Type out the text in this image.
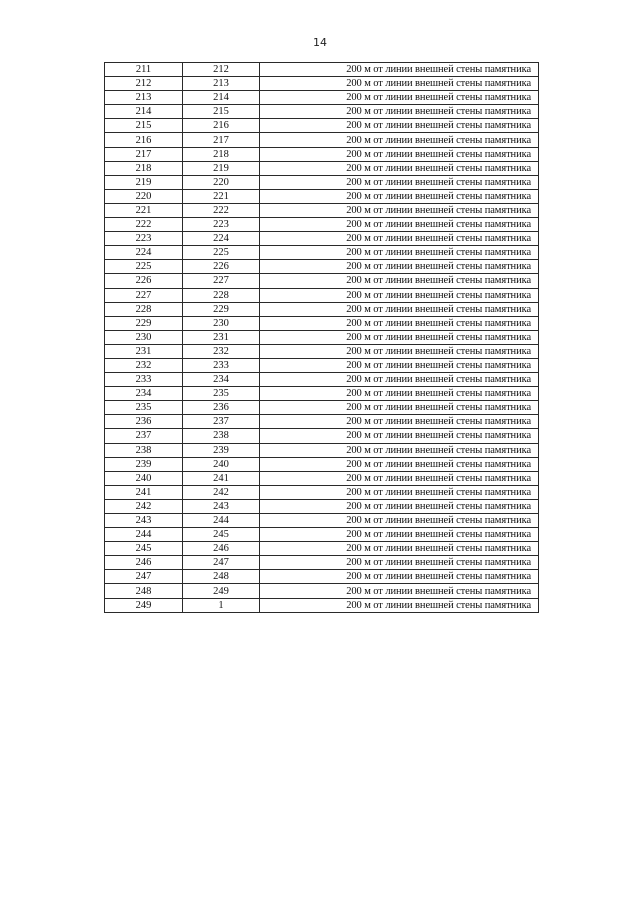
14
211	212	200 м от линии внешней стены памятника
212	213	200 м от линии внешней стены памятника
213	214	200 м от линии внешней стены памятника
214	215	200 м от линии внешней стены памятника
215	216	200 м от линии внешней стены памятника
216	217	200 м от линии внешней стены памятника
217	218	200 м от линии внешней стены памятника
218	219	200 м от линии внешней стены памятника
219	220	200 м от линии внешней стены памятника
220	221	200 м от линии внешней стены памятника
221	222	200 м от линии внешней стены памятника
222	223	200 м от линии внешней стены памятника
223	224	200 м от линии внешней стены памятника
224	225	200 м от линии внешней стены памятника
225	226	200 м от линии внешней стены памятника
226	227	200 м от линии внешней стены памятника
227	228	200 м от линии внешней стены памятника
228	229	200 м от линии внешней стены памятника
229	230	200 м от линии внешней стены памятника
230	231	200 м от линии внешней стены памятника
231	232	200 м от линии внешней стены памятника
232	233	200 м от линии внешней стены памятника
233	234	200 м от линии внешней стены памятника
234	235	200 м от линии внешней стены памятника
235	236	200 м от линии внешней стены памятника
236	237	200 м от линии внешней стены памятника
237	238	200 м от линии внешней стены памятника
238	239	200 м от линии внешней стены памятника
239	240	200 м от линии внешней стены памятника
240	241	200 м от линии внешней стены памятника
241	242	200 м от линии внешней стены памятника
242	243	200 м от линии внешней стены памятника
243	244	200 м от линии внешней стены памятника
244	245	200 м от линии внешней стены памятника
245	246	200 м от линии внешней стены памятника
246	247	200 м от линии внешней стены памятника
247	248	200 м от линии внешней стены памятника
248	249	200 м от линии внешней стены памятника
249	1	200 м от линии внешней стены памятника
